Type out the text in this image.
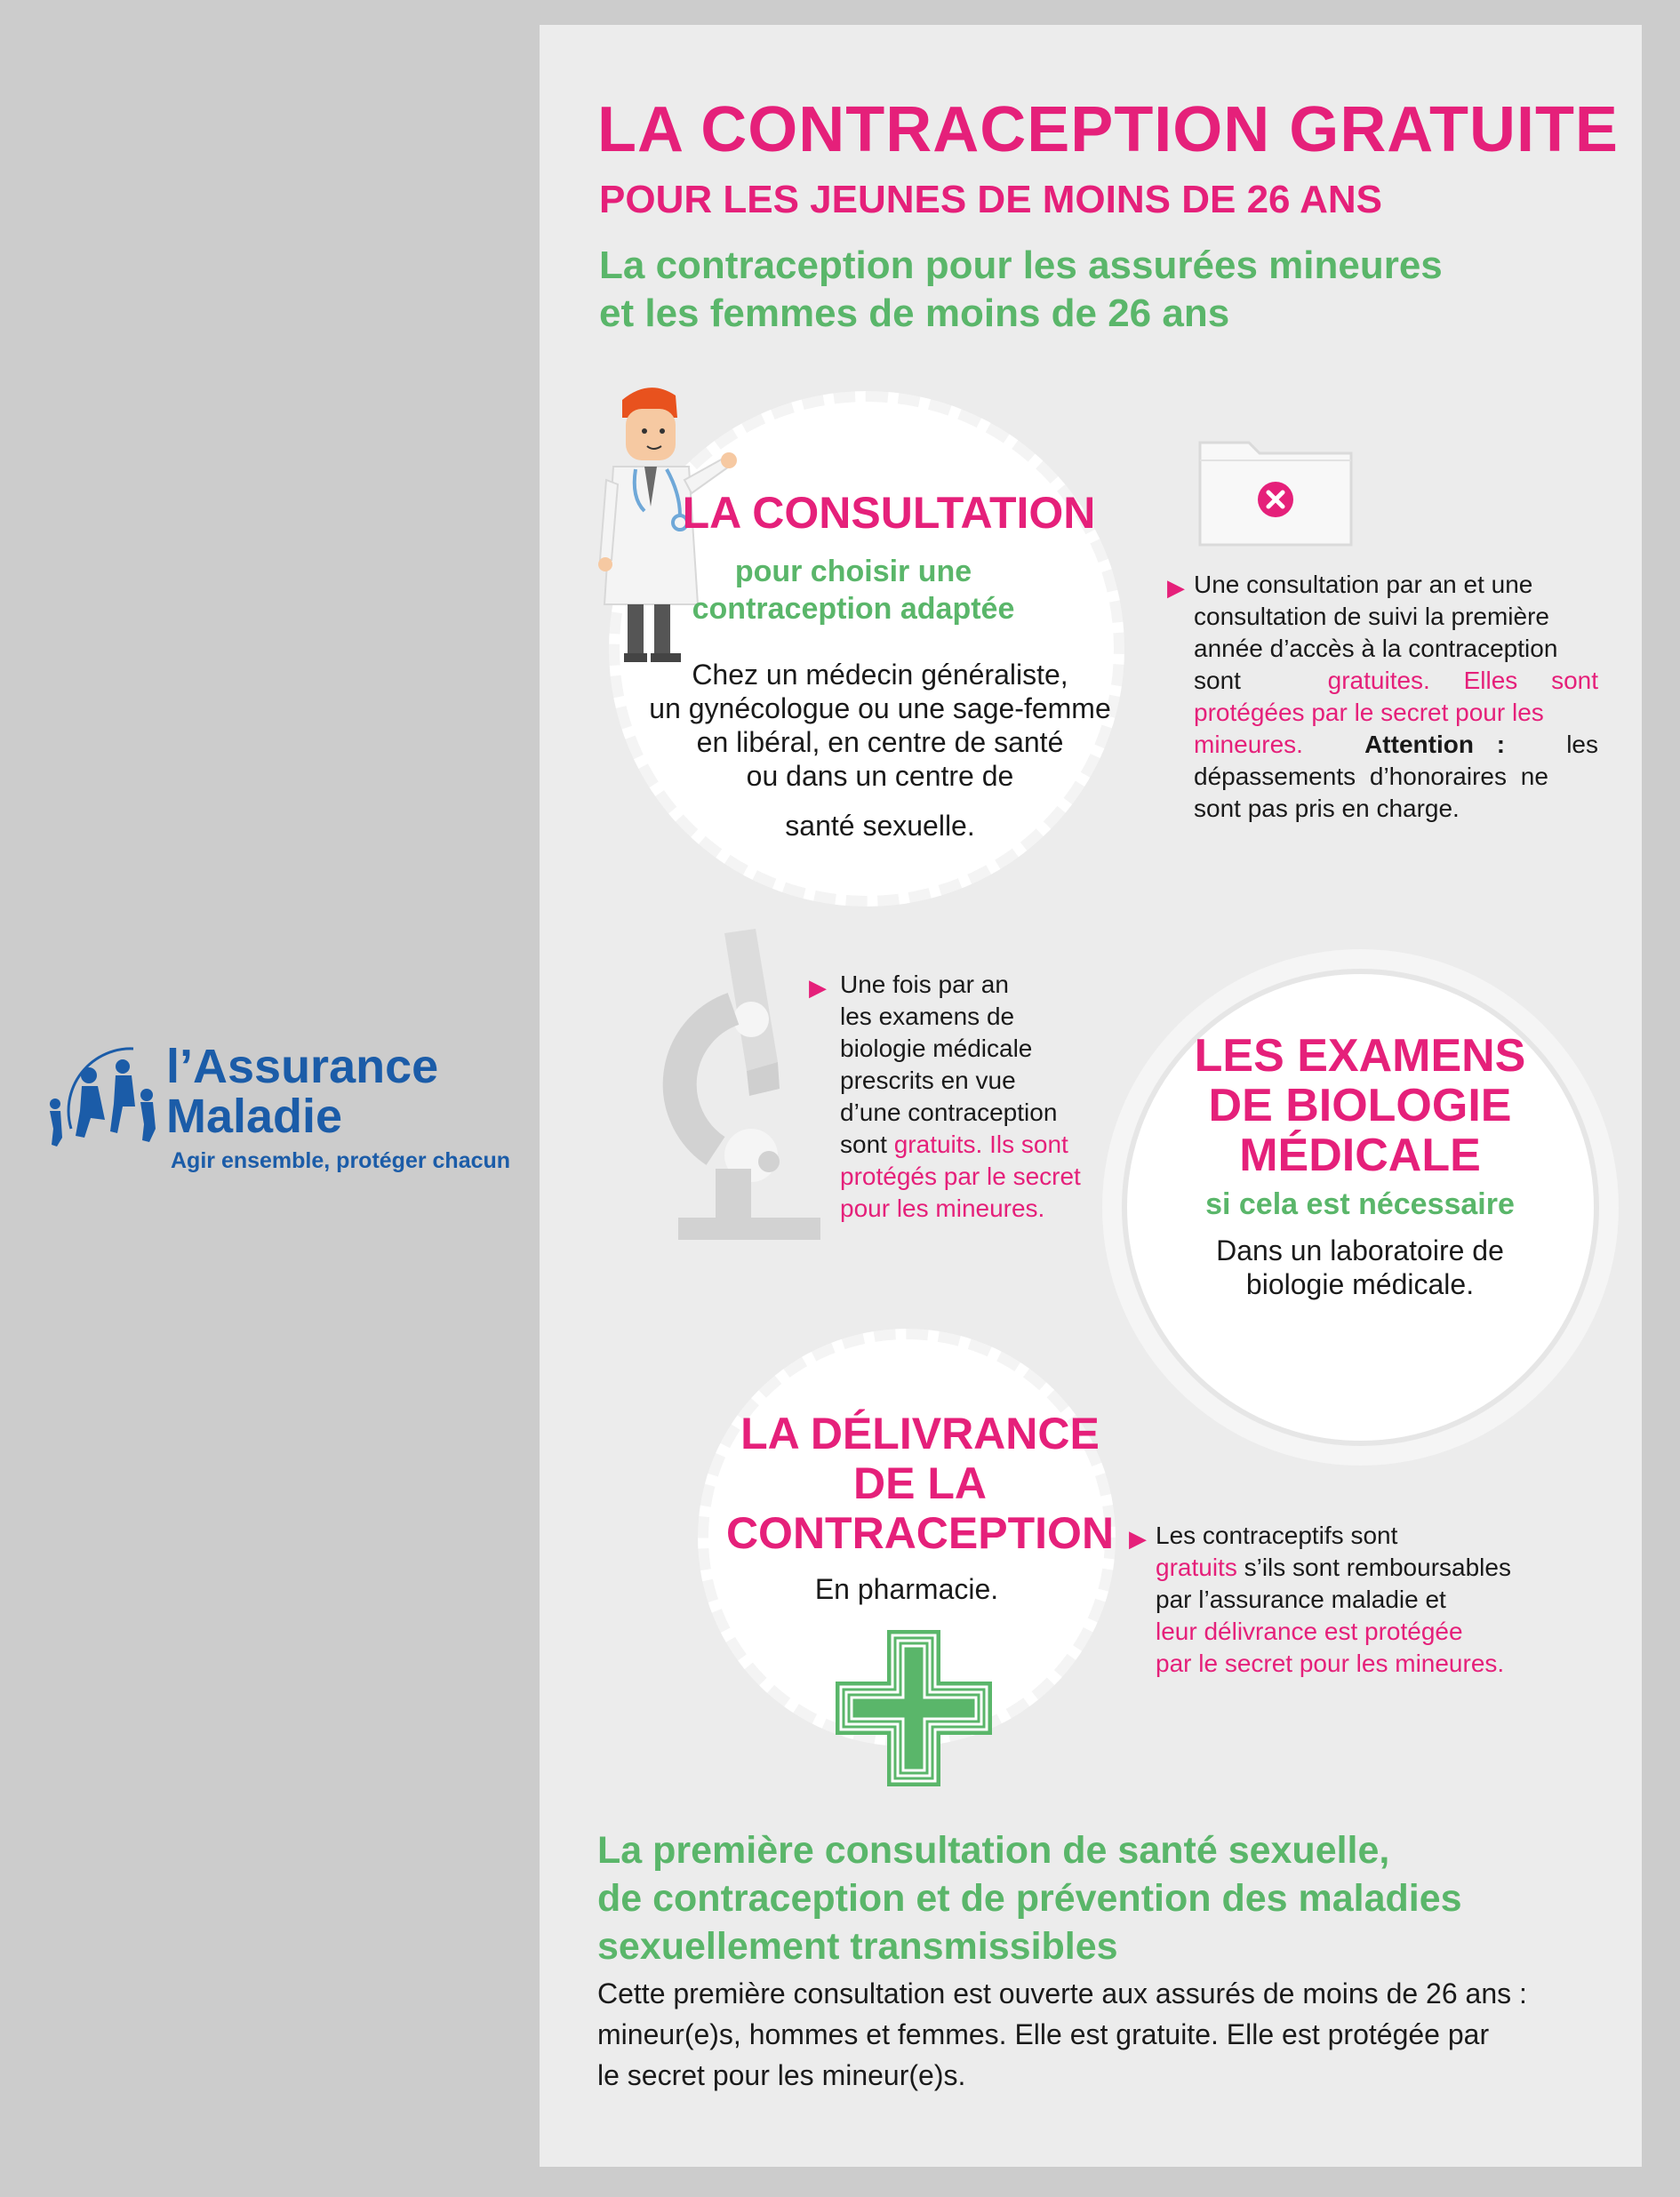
l’Assurance
Maladie
Agir ensemble, protéger chacun
LA CONTRACEPTION GRATUITE
POUR LES JEUNES DE MOINS DE 26 ANS
La contraception pour les assurées mineures
et les femmes de moins de 26 ans
LA CONSULTATION
pour choisir une
contraception adaptée
Chez un médecin généraliste,
un gynécologue ou une sage-femme
en libéral, en centre de santé
ou dans un centre de
santé sexuelle.
▶ Une consultation par an et une
consultation de suivi la première
année d’accès à la contraception
sont	gratuites. Elles sont
protégées par le secret pour les
mineures. Attention : les
dépassements d’honoraires ne
sont pas pris en charge.
▶ Une fois par an
les examens de
biologie médicale
prescrits en vue
d’une contraception
sont gratuits. Ils sont
protégés par le secret
pour les mineures.
LES EXAMENS
DE BIOLOGIE
MÉDICALE
si cela est nécessaire
Dans un laboratoire de
biologie médicale.
LA DÉLIVRANCE
DE LA
CONTRACEPTION
En pharmacie.
▶ Les contraceptifs sont
gratuits s’ils sont remboursables
par l’assurance maladie et
leur délivrance est protégée
par le secret pour les mineures.
La première consultation de santé sexuelle,
de contraception et de prévention des maladies
sexuellement transmissibles
Cette première consultation est ouverte aux assurés de moins de 26 ans :
mineur(e)s, hommes et femmes. Elle est gratuite. Elle est protégée par
le secret pour les mineur(e)s.
